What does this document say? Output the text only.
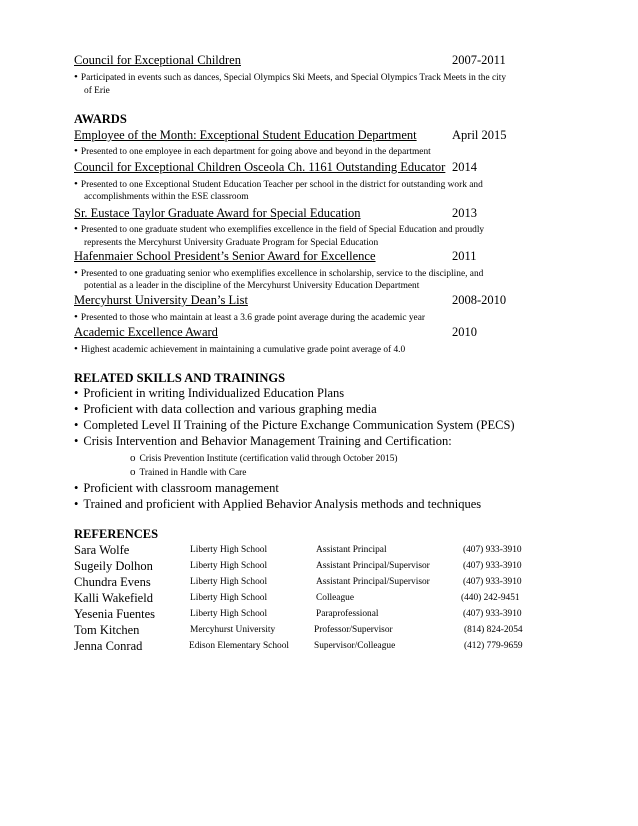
Council for Exceptional Children	2007-2011
• Participated in events such as dances, Special Olympics Ski Meets, and Special Olympics Track Meets in the city
of Erie
AWARDS
Employee of the Month: Exceptional Student Education Department	April 2015
• Presented to one employee in each department for going above and beyond in the department
Council for Exceptional Children Osceola Ch. 1161 Outstanding Educator 2014
• Presented to one Exceptional Student Education Teacher per school in the district for outstanding work and
accomplishments within the ESE classroom
Sr. Eustace Taylor Graduate Award for Special Education	2013
• Presented to one graduate student who exemplifies excellence in the field of Special Education and proudly
represents the Mercyhurst University Graduate Program for Special Education
Hafenmaier School President’s Senior Award for Excellence	2011
• Presented to one graduating senior who exemplifies excellence in scholarship, service to the discipline, and
potential as a leader in the discipline of the Mercyhurst University Education Department
Mercyhurst University Dean’s List	2008-2010
• Presented to those who maintain at least a 3.6 grade point average during the academic year
Academic Excellence Award	2010
• Highest academic achievement in maintaining a cumulative grade point average of 4.0
RELATED SKILLS AND TRAININGS
• Proficient in writing Individualized Education Plans
• Proficient with data collection and various graphing media
• Completed Level II Training of the Picture Exchange Communication System (PECS)
• Crisis Intervention and Behavior Management Training and Certification:
o Crisis Prevention Institute (certification valid through October 2015)
o Trained in Handle with Care
• Proficient with classroom management
• Trained and proficient with Applied Behavior Analysis methods and techniques
REFERENCES
Sara Wolfe	Liberty High School	Assistant Principal	(407) 933-3910
Sugeily Dolhon	Liberty High School	Assistant Principal/Supervisor	(407) 933-3910
Chundra Evens	Liberty High School	Assistant Principal/Supervisor	(407) 933-3910
Kalli Wakefield	Liberty High School	Colleague	(440) 242-9451
Yesenia Fuentes	Liberty High School	Paraprofessional	(407) 933-3910
Tom Kitchen	Mercyhurst University	Professor/Supervisor	(814) 824-2054
Jenna Conrad	Edison Elementary School	Supervisor/Colleague	(412) 779-9659
